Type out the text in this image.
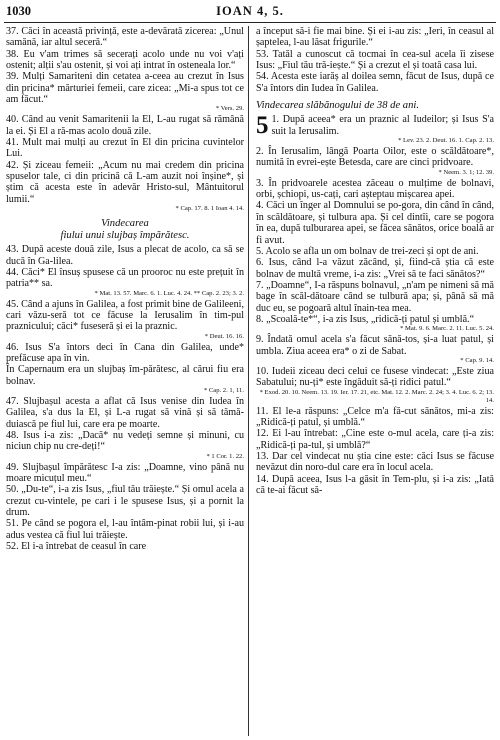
1030	IOAN 4, 5.

37. Căci în această privință, este a-devărată zicerea: „Unul samănă, iar altul seceră.“

38. Eu v'am trimes să secerați acolo unde nu voi v'ați ostenit; alții s'au ostenit, și voi ați intrat în osteneala lor.“

39. Mulți Samariteni din cetatea a-ceea au crezut în Isus din pricina* mărturiei femeii, care zicea: „Mi-a spus tot ce am făcut.“

* Vers. 29.

40. Când au venit Samaritenii la El, L-au rugat să rămână la ei. Și El a ră-mas acolo două zile.

41. Mult mai mulți au crezut în El din pricina cuvintelor Lui.

42. Și ziceau femeii: „Acum nu mai credem din pricina spuselor tale, ci din pricină că L-am auzit noi înșine*, și știm că acesta este în adevăr Hristo-sul, Mântuitorul lumii.“

* Cap. 17. 8. 1 Ioan 4. 14.

Vindecarea

fiului unui slujbaș împărătesc.

43. După aceste două zile, Isus a plecat de acolo, ca să se ducă în Ga-lilea.

44. Căci* El însuș spusese că un prooroc nu este prețuit în patria** sa.

* Mat. 13. 57. Marc. 6. 1. Luc. 4. 24. ** Cap. 2. 23; 3. 2.

45. Când a ajuns în Galilea, a fost primit bine de Galileeni, cari văzu-seră tot ce făcuse la Ierusalim în tim-pul praznicului; căci* fuseseră și ei la praznic.

* Deut. 16. 16.

46. Isus S'a întors deci în Cana din Galilea, unde* prefăcuse apa în vin.

În Capernaum era un slujbaș îm-părătesc, al cărui fiu era bolnav.

* Cap. 2. 1, 11.

47. Slujbașul acesta a aflat că Isus venise din Iudea în Galilea, s'a dus la El, și L-a rugat să vină și să tămă-duiască pe fiul lui, care era pe moarte.

48. Isus i-a zis: „Dacă* nu vedeți semne și minuni, cu niciun chip nu cre-deți!“

* 1 Cor. 1. 22.

49. Slujbașul împărătesc I-a zis: „Doamne, vino până nu moare micuțul meu.“

50. „Du-te“, i-a zis Isus, „fiul tău trăiește.“ Și omul acela a crezut cu-vintele, pe cari i le spusese Isus, și a pornit la drum.

51. Pe când se pogora el, l-au întâm-pinat robii lui, și i-au adus vestea că fiul lui trăiește.

52. El i-a întrebat de ceasul în care

a început să-i fie mai bine. Și ei i-au zis: „Ieri, în ceasul al șaptelea, l-au lăsat frigurile.“

53. Tatăl a cunoscut că tocmai în cea-sul acela îi zisese Isus: „Fiul tău tră-iește.“ Și a crezut el și toată casa lui.

54. Acesta este iarăș al doilea semn, făcut de Isus, după ce S'a întors din Iudea în Galilea.

Vindecarea slăbănogului de 38 de ani.

5 1. După aceea* era un praznic al Iudeilor; și Isus S'a suit la Ierusalim.

* Lev. 23. 2. Deut. 16. 1. Cap. 2. 13.

2. În Ierusalim, lângă Poarta Oilor, este o scăldătoare*, numită în evrei-ește Betesda, care are cinci pridvoare.

* Neem. 3. 1; 12. 39.

3. În pridvoarele acestea zăceau o mulțime de bolnavi, orbi, șchiopi, us-cați, cari așteptau mișcarea apei.

4. Căci un înger al Domnului se po-gora, din când în când, în scăldătoare, și tulbura apa. Și cel dintîi, care se pogora în ea, după tulburarea apei, se făcea sănătos, orice boală ar fi avut.

5. Acolo se afla un om bolnav de trei-zeci și opt de ani.

6. Isus, când l-a văzut zăcând, și, fiind-că știa că este bolnav de multă vreme, i-a zis: „Vrei să te faci sănătos?“

7. „Doamne“, I-a răspuns bolnavul, „n'am pe nimeni să mă bage în scăl-dătoare când se tulbură apa; și, până să mă duc eu, se pogoară altul înain-tea mea.

8. „Scoală-te*“, i-a zis Isus, „ridică-ți patul și umblă.“

* Mat. 9. 6. Marc. 2. 11. Luc. 5. 24.

9. Îndată omul acela s'a făcut sănă-tos, și-a luat patul, și umbla. Ziua aceea era* o zi de Sabat.

* Cap. 9. 14.

10. Iudeii ziceau deci celui ce fusese vindecat: „Este ziua Sabatului; nu-ți* este îngăduit să-ți ridici patul.“

* Exod. 20. 10. Neem. 13. 19. Ier. 17. 21, etc. Mat. 12. 2. Marc. 2. 24; 3. 4. Luc. 6. 2; 13. 14.

11. El le-a răspuns: „Celce m'a fă-cut sănătos, mi-a zis: „Ridică-ți patul, și umblă.“

12. Ei l-au întrebat: „Cine este o-mul acela, care ți-a zis: „Ridică-ți pa-tul, și umblă?“

13. Dar cel vindecat nu știa cine este: căci Isus se făcuse nevăzut din noro-dul care era în locul acela.

14. După aceea, Isus l-a găsit în Tem-plu, și i-a zis: „Iată că te-ai făcut să-
